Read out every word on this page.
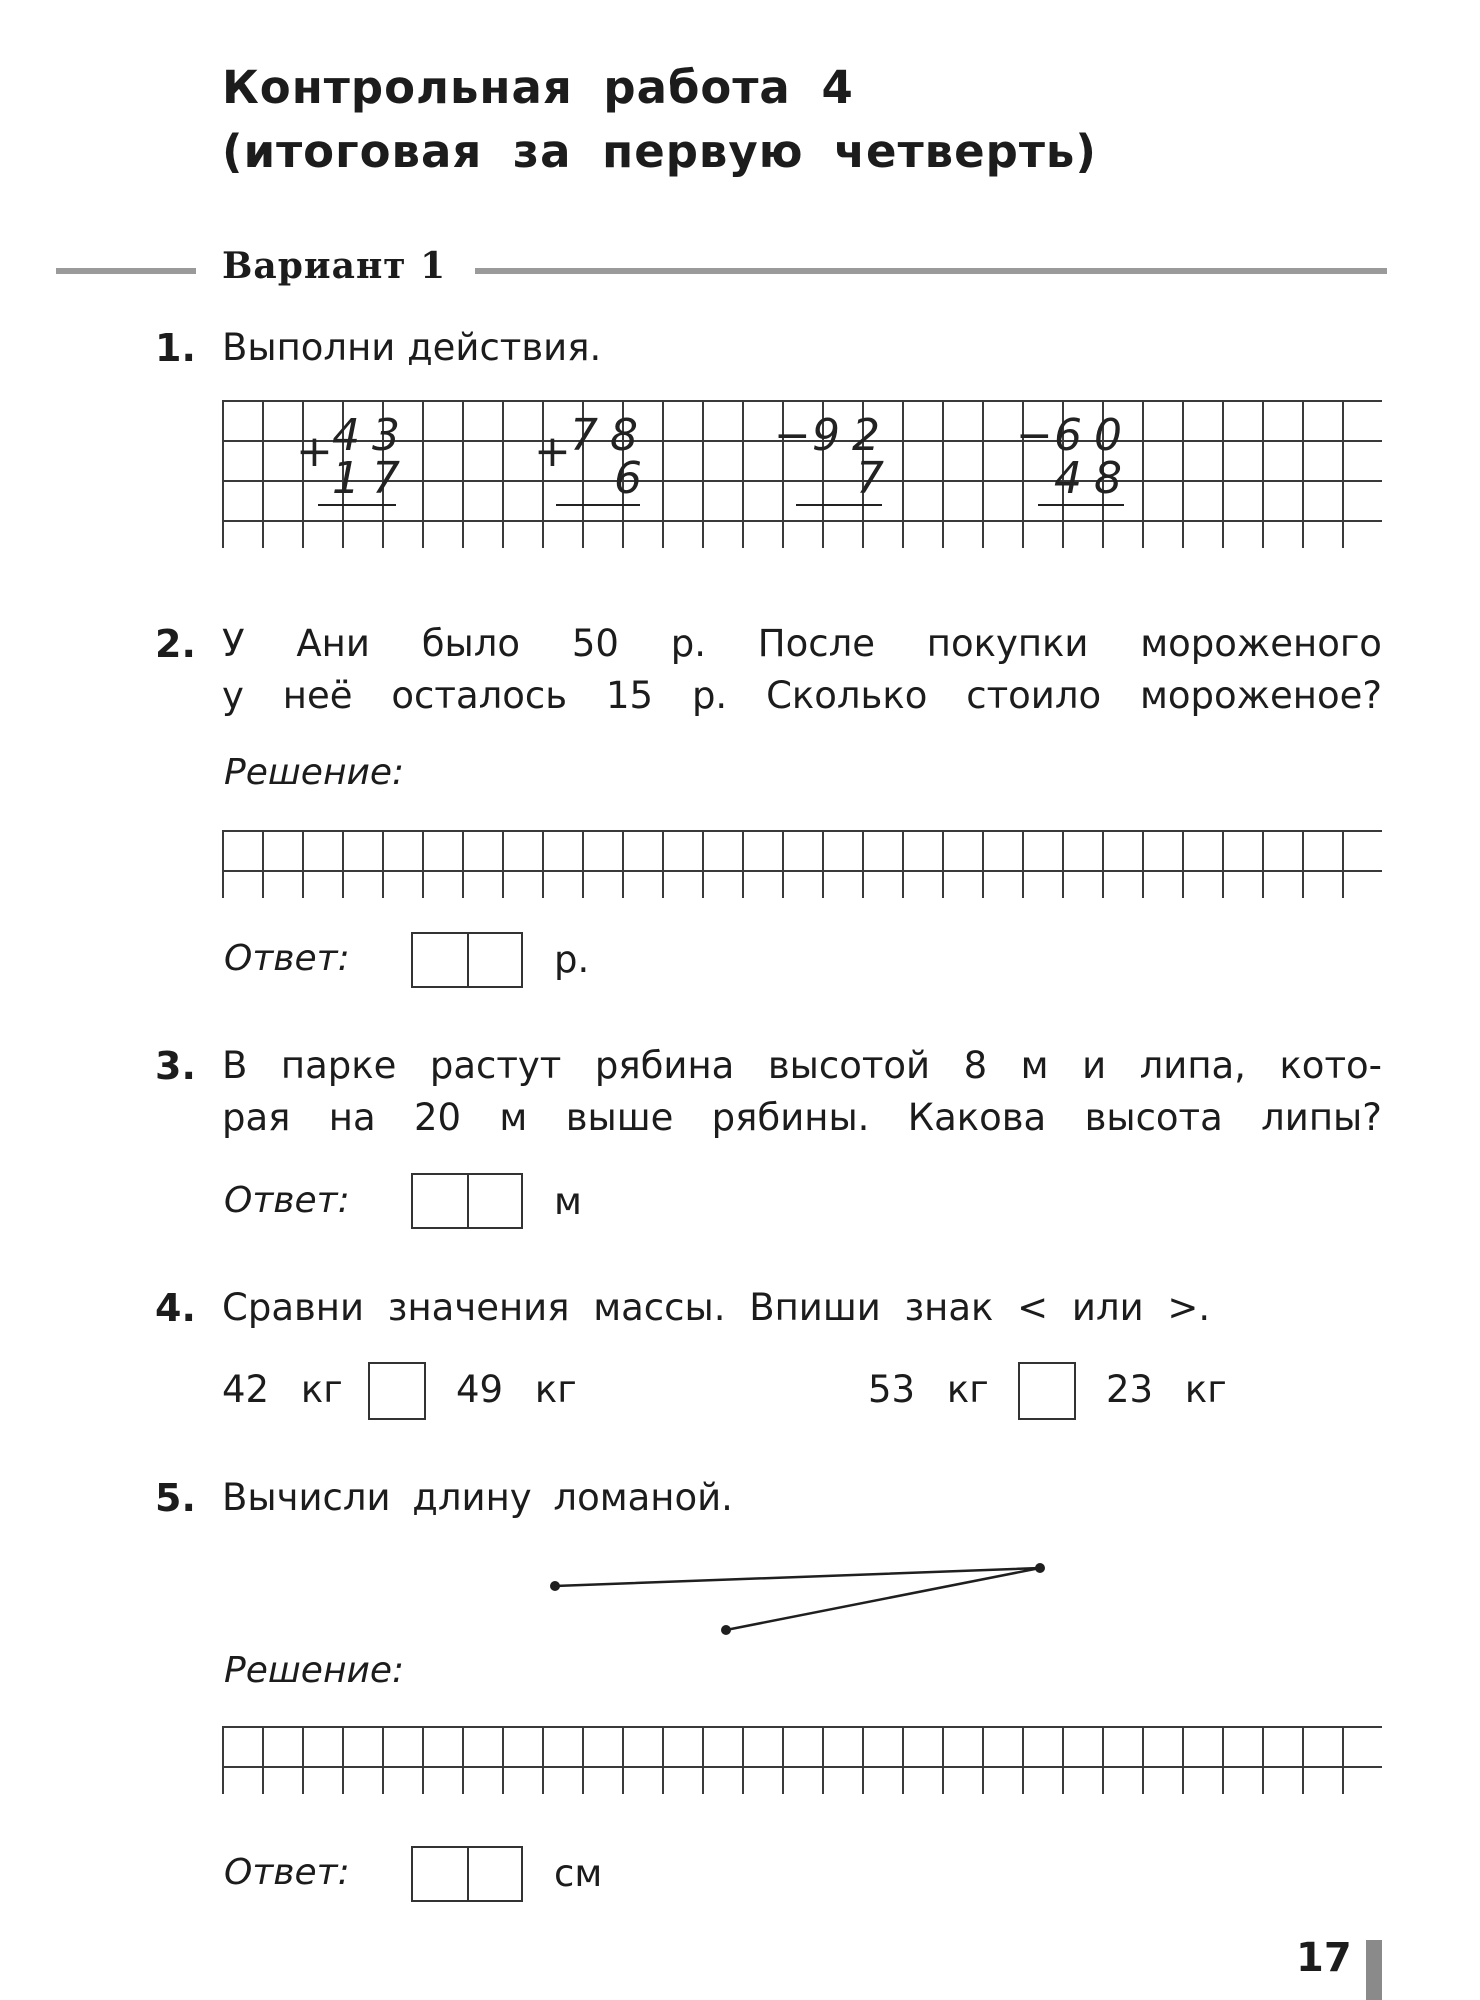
Контрольная работа 4
(итоговая за первую четверть)
Вариант 1
1. Выполни действия.
+
43
17
+
78
6
−
92
7
−
60
48
2. У Ани было 50 р. После покупки мороженого
у неё осталось 15 р. Сколько стоило мороженое?
Решение:
Ответ:	р.
3. В парке растут рябина высотой 8 м и липа, кото-
рая на 20 м выше рябины. Какова высота липы?
Ответ:	м
4. Сравни значения массы. Впиши знак < или >.
42 кг	49 кг	53 кг	23 кг
5. Вычисли длину ломаной.
Решение:
Ответ:	см
17
